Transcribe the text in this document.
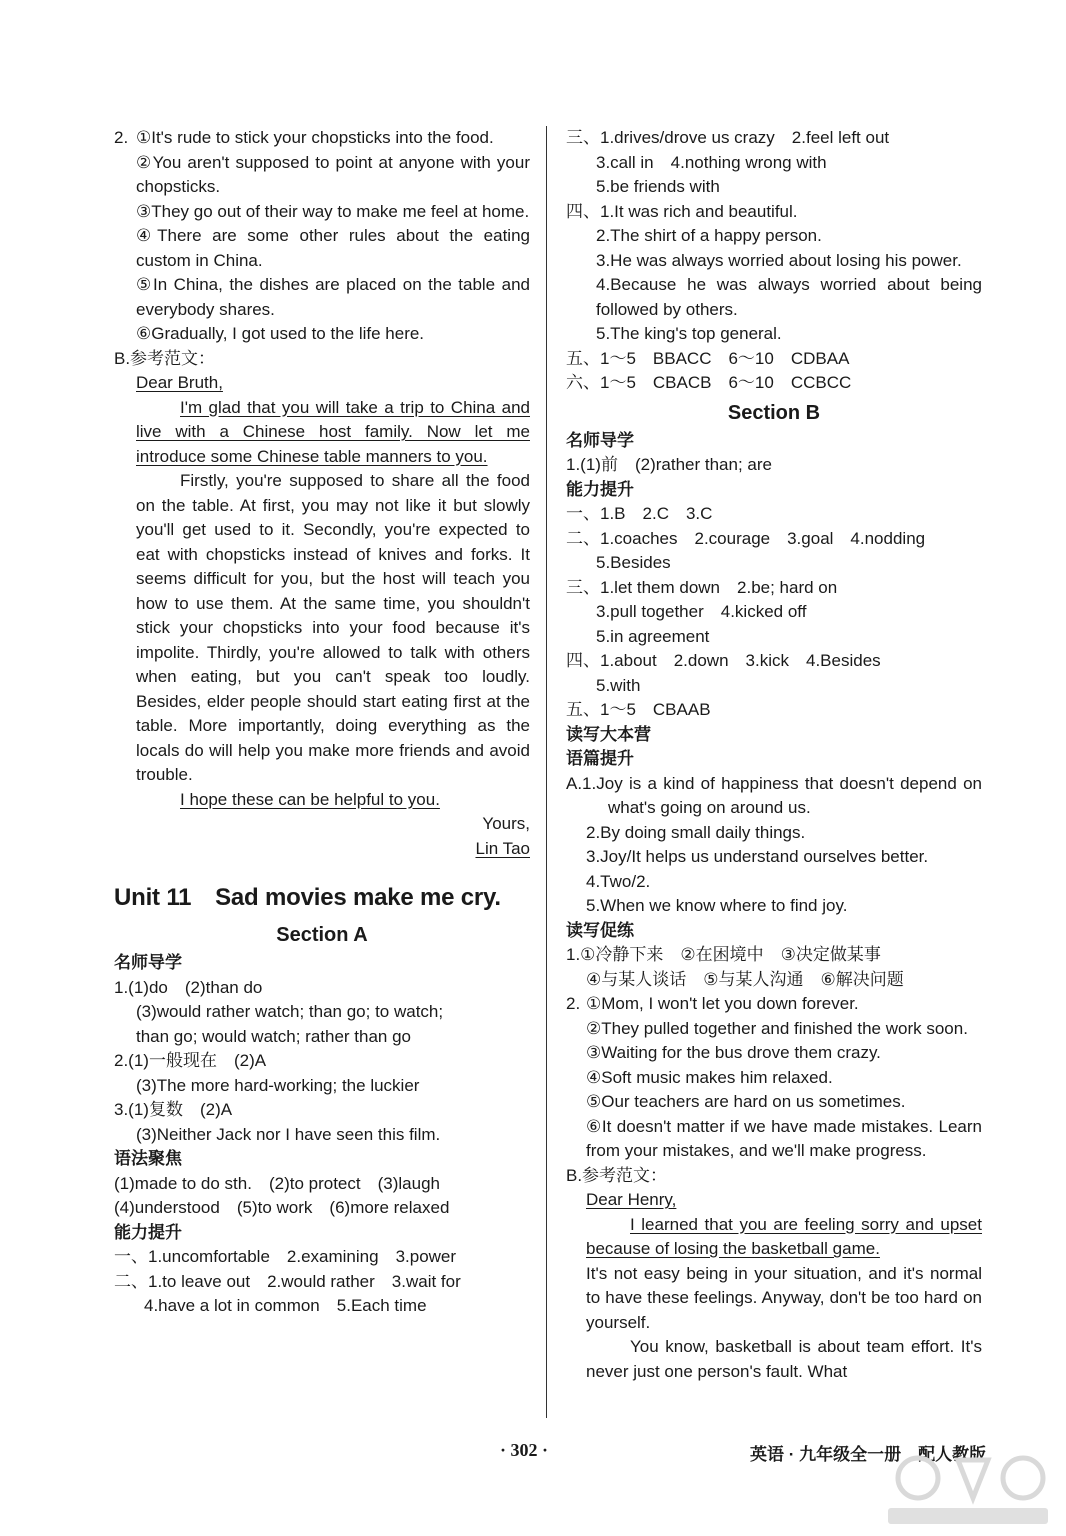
2. ①It's rude to stick your chopsticks into the food.
②You aren't supposed to point at anyone with your chopsticks.
③They go out of their way to make me feel at home.
④There are some other rules about the eating custom in China.
⑤In China, the dishes are placed on the table and everybody shares.
⑥Gradually, I got used to the life here.
B.参考范文：
Dear Bruth,
I'm glad that you will take a trip to China and live with a Chinese host family. Now let me introduce some Chinese table manners to you.
Firstly, you're supposed to share all the food on the table. At first, you may not like it but slowly you'll get used to it. Secondly, you're expected to eat with chopsticks instead of knives and forks. It seems difficult for you, but the host will teach you how to use them. At the same time, you shouldn't stick your chopsticks into your food because it's impolite. Thirdly, you're allowed to talk with others when eating, but you can't speak too loudly. Besides, elder people should start eating first at the table. More importantly, doing everything as the locals do will help you make more friends and avoid trouble.
I hope these can be helpful to you.
Yours,
Lin Tao
Unit 11　Sad movies make me cry.
Section A
名师导学
1.(1)do　(2)than do
(3)would rather watch; than go; to watch;
than go; would watch; rather than go
2.(1)一般现在　(2)A
(3)The more hard-working; the luckier
3.(1)复数　(2)A
(3)Neither Jack nor I have seen this film.
语法聚焦
(1)made to do sth.　(2)to protect　(3)laugh
(4)understood　(5)to work　(6)more relaxed
能力提升
一、1.uncomfortable　2.examining　3.power
二、1.to leave out　2.would rather　3.wait for
4.have a lot in common　5.Each time
三、1.drives/drove us crazy　2.feel left out
3.call in　4.nothing wrong with
5.be friends with
四、1.It was rich and beautiful.
2.The shirt of a happy person.
3.He was always worried about losing his power.
4.Because he was always worried about being followed by others.
5.The king's top general.
五、1～5　BBACC　6～10　CDBAA
六、1～5　CBACB　6～10　CCBCC
Section B
名师导学
1.(1)前　(2)rather than; are
能力提升
一、1.B　2.C　3.C
二、1.coaches　2.courage　3.goal　4.nodding
5.Besides
三、1.let them down　2.be; hard on
3.pull together　4.kicked off
5.in agreement
四、1.about　2.down　3.kick　4.Besides
5.with
五、1～5　CBAAB
读写大本营
语篇提升
A.1.Joy is a kind of happiness that doesn't depend on what's going on around us.
2.By doing small daily things.
3.Joy/It helps us understand ourselves better.
4.Two/2.
5.When we know where to find joy.
读写促练
1.①冷静下来　②在困境中　③决定做某事
④与某人谈话　⑤与某人沟通　⑥解决问题
2. ①Mom, I won't let you down forever.
②They pulled together and finished the work soon.
③Waiting for the bus drove them crazy.
④Soft music makes him relaxed.
⑤Our teachers are hard on us sometimes.
⑥It doesn't matter if we have made mistakes. Learn from your mistakes, and we'll make progress.
B.参考范文：
Dear Henry,
I learned that you are feeling sorry and upset because of losing the basketball game.
It's not easy being in your situation, and it's normal to have these feelings. Anyway, don't be too hard on yourself.
You know, basketball is about team effort. It's never just one person's fault. What
· 302 ·	英语 · 九年级全一册　配人教版
